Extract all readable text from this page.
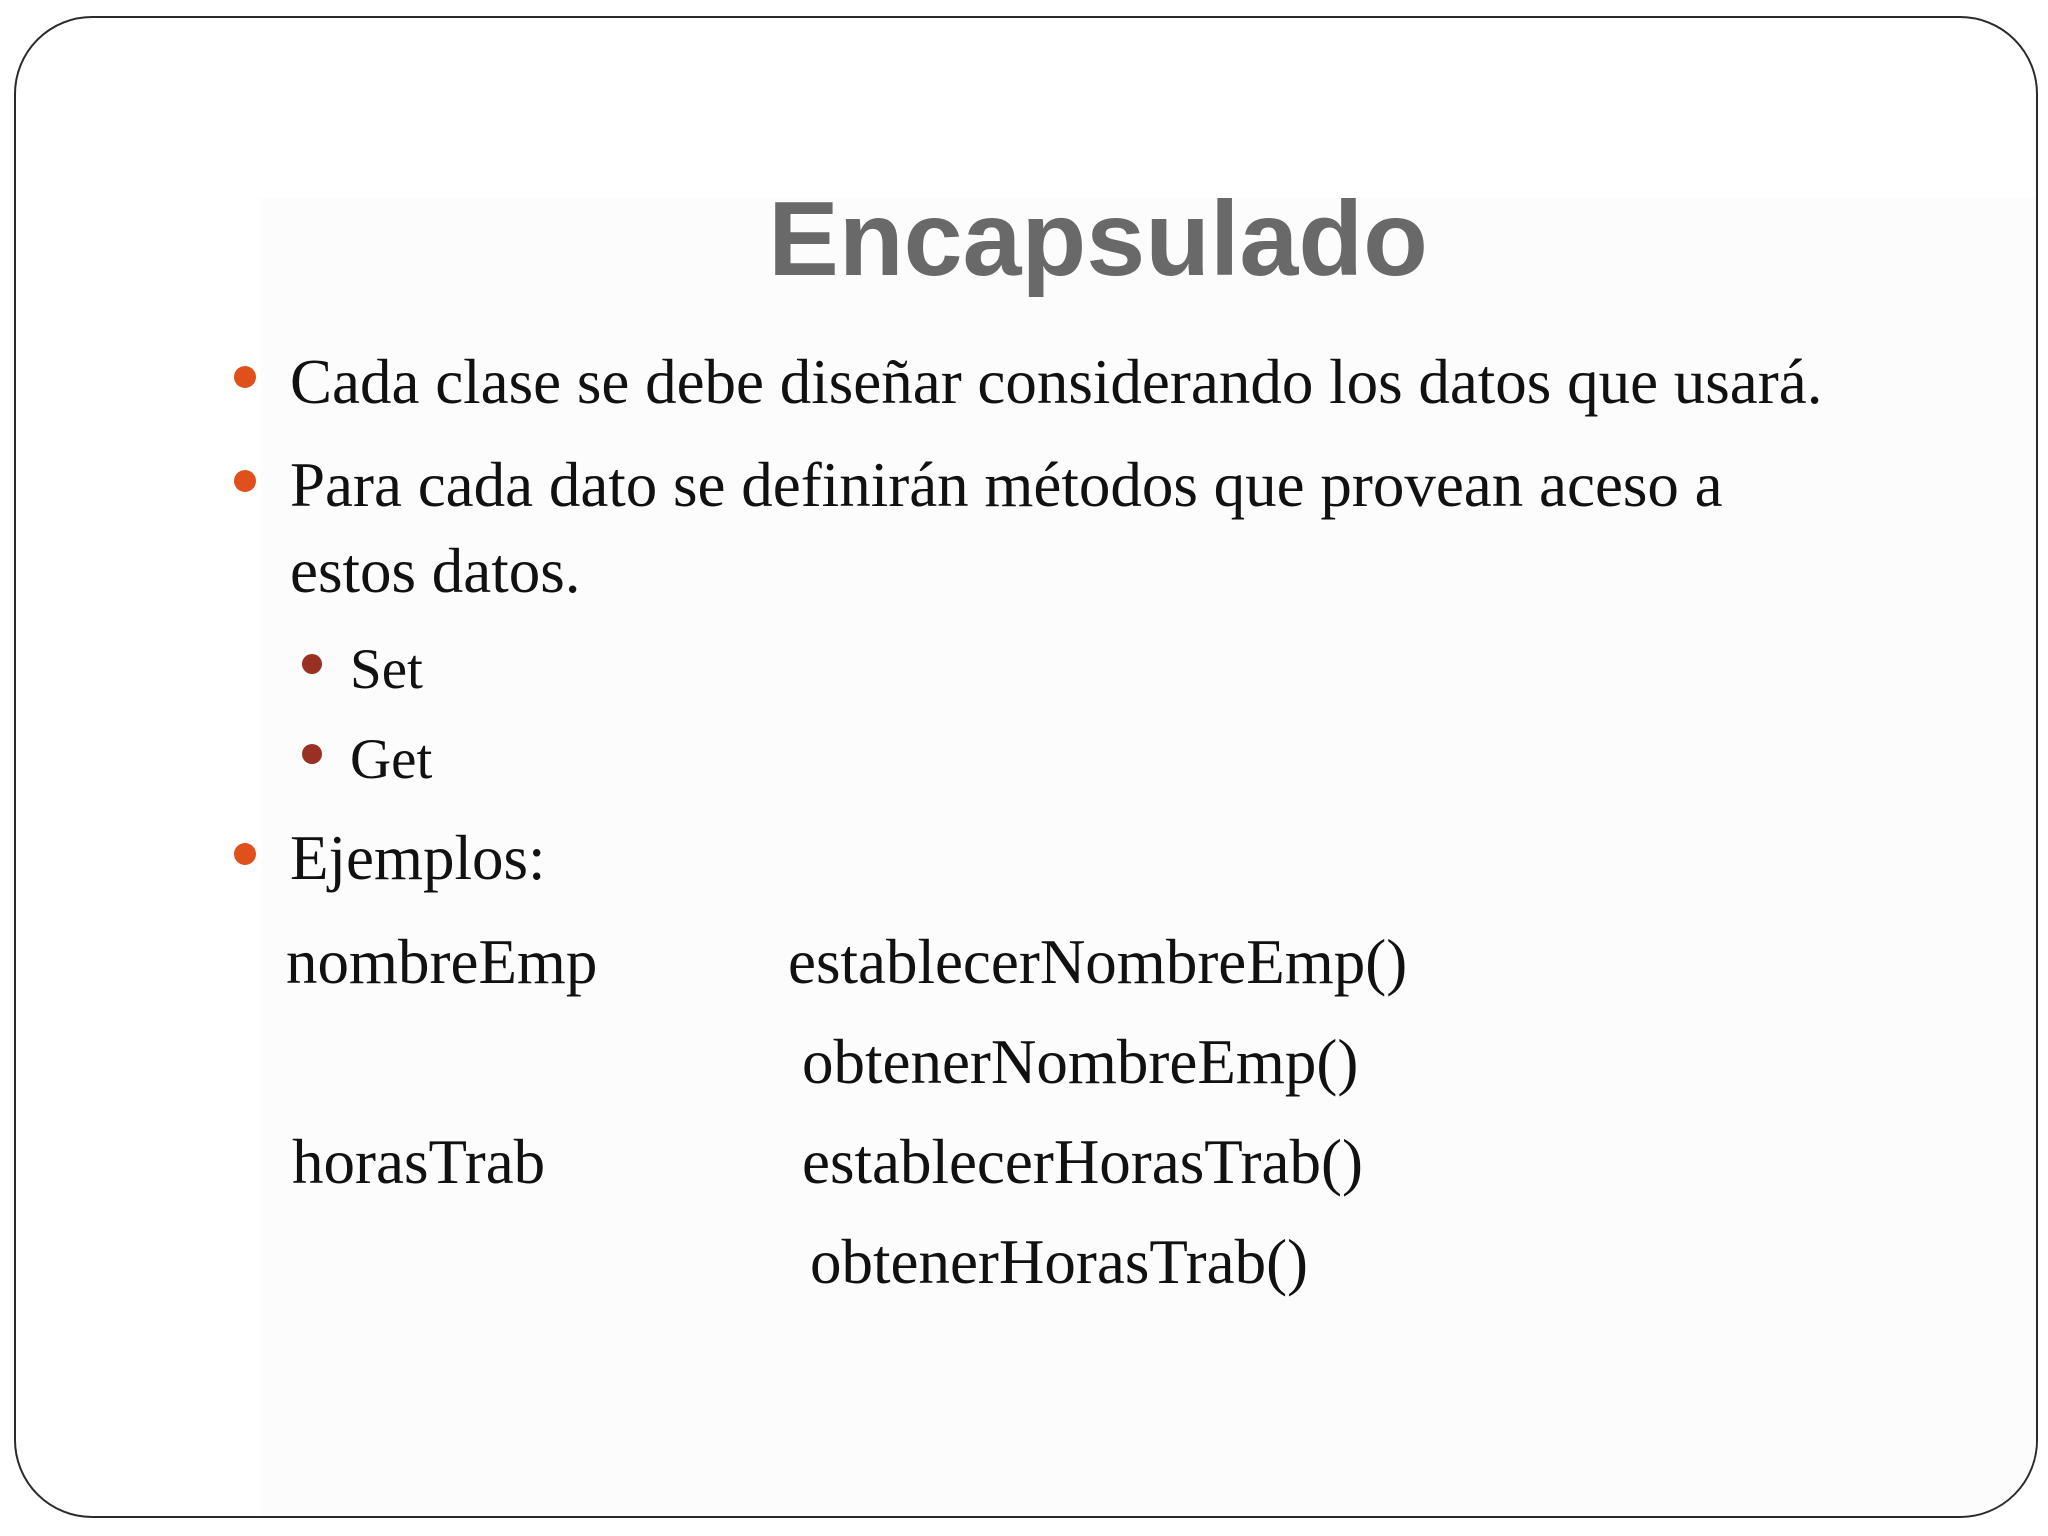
Encapsulado
Cada clase se debe diseñar considerando los datos que usará.
Para cada dato se definirán métodos que provean aceso a
estos datos.
Set
Get
Ejemplos:
nombreEmp	establecerNombreEmp()
obtenerNombreEmp()
horasTrab	establecerHorasTrab()
obtenerHorasTrab()
